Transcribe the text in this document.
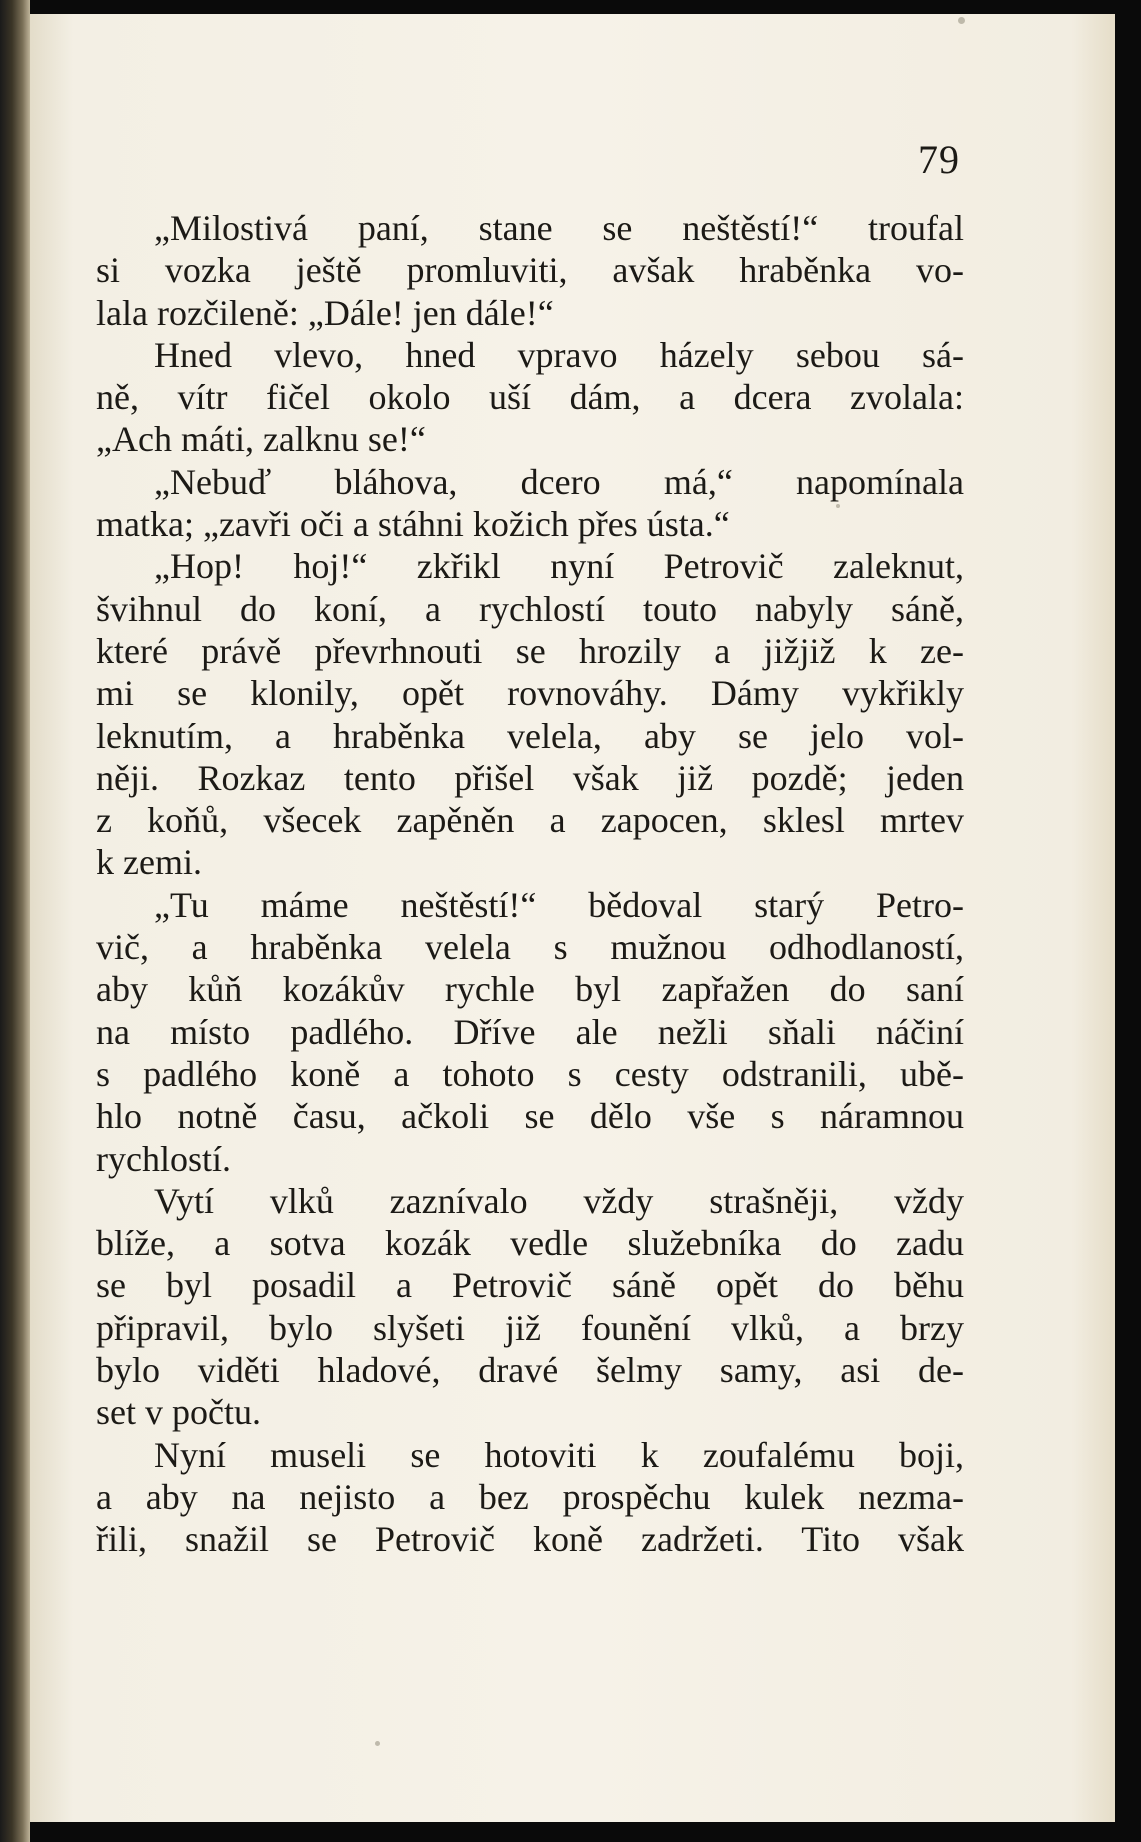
79
„Milostivá paní, stane se neštěstí!“ troufal
si vozka ještě promluviti, avšak hraběnka vo-
lala rozčileně: „Dále! jen dále!“
Hned vlevo, hned vpravo házely sebou sá-
ně, vítr fičel okolo uší dám, a dcera zvolala:
„Ach máti, zalknu se!“
„Nebuď bláhova, dcero má,“ napomínala
matka; „zavři oči a stáhni kožich přes ústa.“
„Hop! hoj!“ zkřikl nyní Petrovič zaleknut,
švihnul do koní, a rychlostí touto nabyly sáně,
které právě převrhnouti se hrozily a jižjiž k ze-
mi se klonily, opět rovnováhy. Dámy vykřikly
leknutím, a hraběnka velela, aby se jelo vol-
něji. Rozkaz tento přišel však již pozdě; jeden
z koňů, všecek zapěněn a zapocen, sklesl mrtev
k zemi.
„Tu máme neštěstí!“ bědoval starý Petro-
vič, a hraběnka velela s mužnou odhodlaností,
aby kůň kozákův rychle byl zapřažen do saní
na místo padlého. Dříve ale nežli sňali náčiní
s padlého koně a tohoto s cesty odstranili, ubě-
hlo notně času, ačkoli se dělo vše s náramnou
rychlostí.
Vytí vlků zaznívalo vždy strašněji, vždy
blíže, a sotva kozák vedle služebníka do zadu
se byl posadil a Petrovič sáně opět do běhu
připravil, bylo slyšeti již founění vlků, a brzy
bylo viděti hladové, dravé šelmy samy, asi de-
set v počtu.
Nyní museli se hotoviti k zoufalému boji,
a aby na nejisto a bez prospěchu kulek nezma-
řili, snažil se Petrovič koně zadržeti. Tito však
